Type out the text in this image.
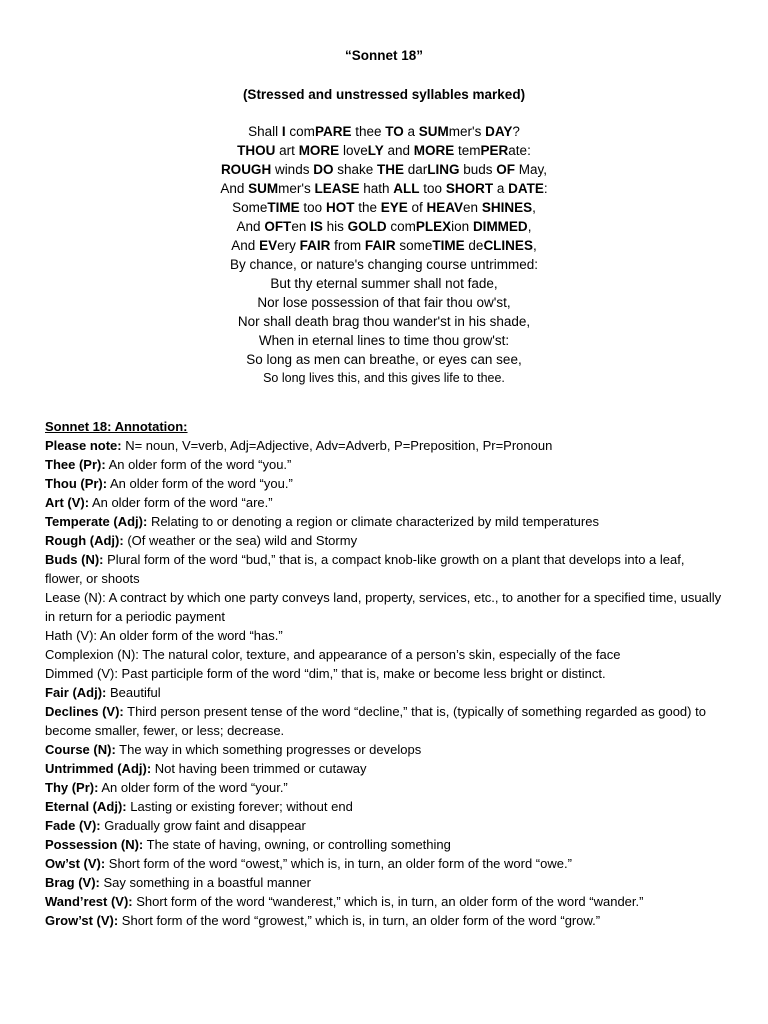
“Sonnet 18”
(Stressed and unstressed syllables marked)
Shall I comPARE thee TO a SUMmer's DAY?
THOU art MORE loveLY and MORE temPERate:
ROUGH winds DO shake THE darLING buds OF May,
And SUMmer's LEASE hath ALL too SHORT a DATE:
SomeTIME too HOT the EYE of HEAVen SHINES,
And OFTen IS his GOLD comPLEXion DIMMED,
And EVery FAIR from FAIR someTIME deCLINES,
By chance, or nature's changing course untrimmed:
But thy eternal summer shall not fade,
Nor lose possession of that fair thou ow'st,
Nor shall death brag thou wander'st in his shade,
When in eternal lines to time thou grow'st:
So long as men can breathe, or eyes can see,
So long lives this, and this gives life to thee.
Sonnet 18: Annotation:
Please note: N= noun, V=verb, Adj=Adjective, Adv=Adverb, P=Preposition, Pr=Pronoun
Thee (Pr): An older form of the word “you.”
Thou (Pr): An older form of the word “you.”
Art (V): An older form of the word “are.”
Temperate (Adj): Relating to or denoting a region or climate characterized by mild temperatures
Rough (Adj): (Of weather or the sea) wild and Stormy
Buds (N): Plural form of the word “bud,” that is, a compact knob-like growth on a plant that develops into a leaf, flower, or shoots
Lease (N): A contract by which one party conveys land, property, services, etc., to another for a specified time, usually in return for a periodic payment
Hath (V): An older form of the word “has.”
Complexion (N): The natural color, texture, and appearance of a person’s skin, especially of the face
Dimmed (V): Past participle form of the word “dim,” that is, make or become less bright or distinct.
Fair (Adj): Beautiful
Declines (V): Third person present tense of the word “decline,” that is, (typically of something regarded as good) to become smaller, fewer, or less; decrease.
Course (N): The way in which something progresses or develops
Untrimmed (Adj): Not having been trimmed or cutaway
Thy (Pr): An older form of the word “your.”
Eternal (Adj): Lasting or existing forever; without end
Fade (V): Gradually grow faint and disappear
Possession (N): The state of having, owning, or controlling something
Ow’st (V): Short form of the word “owest,” which is, in turn, an older form of the word “owe.”
Brag (V): Say something in a boastful manner
Wand’rest (V): Short form of the word “wanderest,” which is, in turn, an older form of the word “wander.”
Grow’st (V): Short form of the word “growest,” which is, in turn, an older form of the word “grow.”
